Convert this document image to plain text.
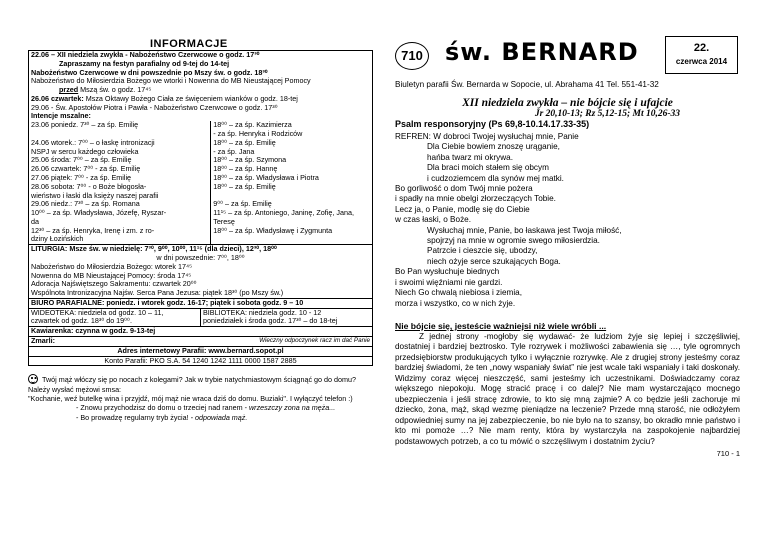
INFORMACJE
22.06 – XII niedziela zwykła - Nabożeństwo Czerwcowe o godz. 17³⁰
Zapraszamy na festyn parafialny od 9-tej do 14-tej
Nabożeństwo Czerwcowe w dni powszednie po Mszy św. o godz. 18³⁰
Nabożeństwo do Miłosierdzia Bożego we wtorki i Nowenna do MB Nieustającej Pomocy
przed Mszą św. o godz. 17⁴⁵
26.06 czwartek: Msza Oktawy Bożego Ciała ze święceniem wianków o godz. 18-tej
29.06 - Św. Apostołów Piotra i Pawła - Nabożeństwo Czerwcowe o godz. 17³⁰
Intencje mszalne:
23.06 poniedz. 7³⁰ – za śp. Emilię	18⁰⁰ – za śp. Kazimierza
- za śp. Henryka i Rodziców
24.06 wtorek.: 7⁰⁰ – o łaskę intronizacji
NSPJ w sercu każdego człowieka	18⁰⁰ – za śp. Emilię
- za śp. Jana
25.06 środa: 7⁰⁰ – za śp. Emilię	18⁰⁰ – za śp. Szymona
26.06 czwartek: 7⁰⁰ - za śp. Emilię	18⁰⁰ – za śp. Hannę
27.06 piątek: 7⁰⁰ - za śp. Emilię	18⁰⁰ – za śp. Władysława i Piotra
28.06 sobota: 7⁰⁰ - o Boże błogosła-
wieństwo i łaski dla księży naszej parafii	18⁰⁰ – za śp. Emilię
29.06 niedz.: 7³⁰ – za śp. Romana
10⁰⁰ – za śp. Władysława, Józefę, Ryszar-
da
12³⁰ – za śp. Henryka, Irenę i zm. z ro-
dziny Łozińskich	9⁰⁰ – za śp. Emilię
11¹⁵ – za śp. Antoniego, Janinę, Zofię, Jana,
Teresę
18⁰⁰ – za śp. Władysławę i Zygmunta
LITURGIA: Msze św. w niedzielę: 7³⁰, 9⁰⁰, 10⁰⁰, 11¹⁵ (dla dzieci), 12³⁰, 18⁰⁰
w dni powszednie: 7⁰⁰, 18⁰⁰
Nabożeństwo do Miłosierdzia Bożego: wtorek 17⁴⁵
Nowenna do MB Nieustającej Pomocy: środa 17⁴⁵
Adoracja Najświętszego Sakramentu: czwartek 20⁰⁰
Wspólnota Intronizacyjna Najśw. Serca Pana Jezusa: piątek 18³⁰ (po Mszy św.)
BIURO PARAFIALNE: poniedz. i wtorek godz. 16-17; piątek i sobota godz. 9 – 10
WIDEOTEKA: niedziela od godz. 10 – 11,
czwartek od godz. 18³⁰ do 19⁰⁰.
BIBLIOTEKA: niedziela godz. 10 - 12
poniedziałek i środa godz. 17³⁰ – do 18-tej
Kawiarenka: czynna w godz. 9-13-tej
Zmarli:	Wieczny odpoczynek racz im dać Panie
Adres internetowy Parafii: www.bernard.sopot.pl
Konto Parafii: PKO S.A. 54 1240 1242 1111 0000 1587 2885
Twój mąż włóczy się po nocach z kolegami? Jak w trybie natychmiastowym ściągnąć go do domu? Należy wysłać mężowi smsa:
"Kochanie, weź butelkę wina i przyjdź, mój mąż nie wraca dziś do domu. Buziaki". I wyłączyć telefon :)
- Znowu przychodzisz do domu o trzeciej nad ranem - wrzeszczy zona na męża...
- Bo prowadzę regularny tryb życia! - odpowiada mąż.
710 św. BERNARD	22.
czerwca 2014
Biuletyn parafii Św. Bernarda w Sopocie, ul. Abrahama 41 Tel. 551-41-32
XII niedziela zwykła – nie bójcie się i ufajcie
Jr 20,10-13; Rz 5,12-15; Mt 10,26-33
Psalm responsoryjny (Ps 69,8-10.14.17.33-35)
REFREN: W dobroci Twojej wysłuchaj mnie, Panie
Dla Ciebie bowiem znoszę urąganie,
hańba twarz mi okrywa.
Dla braci moich stałem się obcym
i cudzoziemcem dla synów mej matki.
Bo gorliwość o dom Twój mnie pożera
i spadły na mnie obelgi złorzeczących Tobie.
Lecz ja, o Panie, modlę się do Ciebie
w czas łaski, o Boże.
Wysłuchaj mnie, Panie, bo łaskawa jest Twoja miłość,
spojrzyj na mnie w ogromie swego miłosierdzia.
Patrzcie i cieszcie się, ubodzy,
niech ożyje serce szukających Boga.
Bo Pan wysłuchuje biednych
i swoimi więźniami nie gardzi.
Niech Go chwalą niebiosa i ziemia,
morza i wszystko, co w nich żyje.
Nie bójcie się, jesteście ważniejsi niż wiele wróbli ...
Z jednej strony -mogłoby się wydawać- że ludziom żyje się lepiej i szczęśliwiej, dostatniej i bardziej beztrosko. Tyle rozrywek i możliwości zabawienia się …, tyle ogromnych przedsiębiorstw produkujących tylko i wyłącznie rozrywkę. Ale z drugiej strony jesteśmy coraz bardziej świadomi, że ten „nowy wspaniały świat” nie jest wcale taki wspaniały i taki doskonały. Widzimy coraz więcej nieszczęść, sami jesteśmy ich uczestnikami. Doświadczamy coraz większego niepokoju. Mogę stracić pracę i co dalej? Nie mam wystarczająco mocnego ubezpieczenia i jeśli stracę zdrowie, to kto się mną zajmie? A co będzie jeśli zachoruje mi dziecko, żona, mąż, skąd wezmę pieniądze na leczenie? Przede mną starość, nie odłożyłem odpowiedniej sumy na jej zabezpieczenie, bo nie było na to szansy, bo okradło mnie państwo i kto mi pomoże …? Nie mam renty, która by wystarczyła na zaspokojenie najbardziej podstawowych potrzeb, a co tu mówić o szczęśliwym i dostatnim życiu?
710 - 1
